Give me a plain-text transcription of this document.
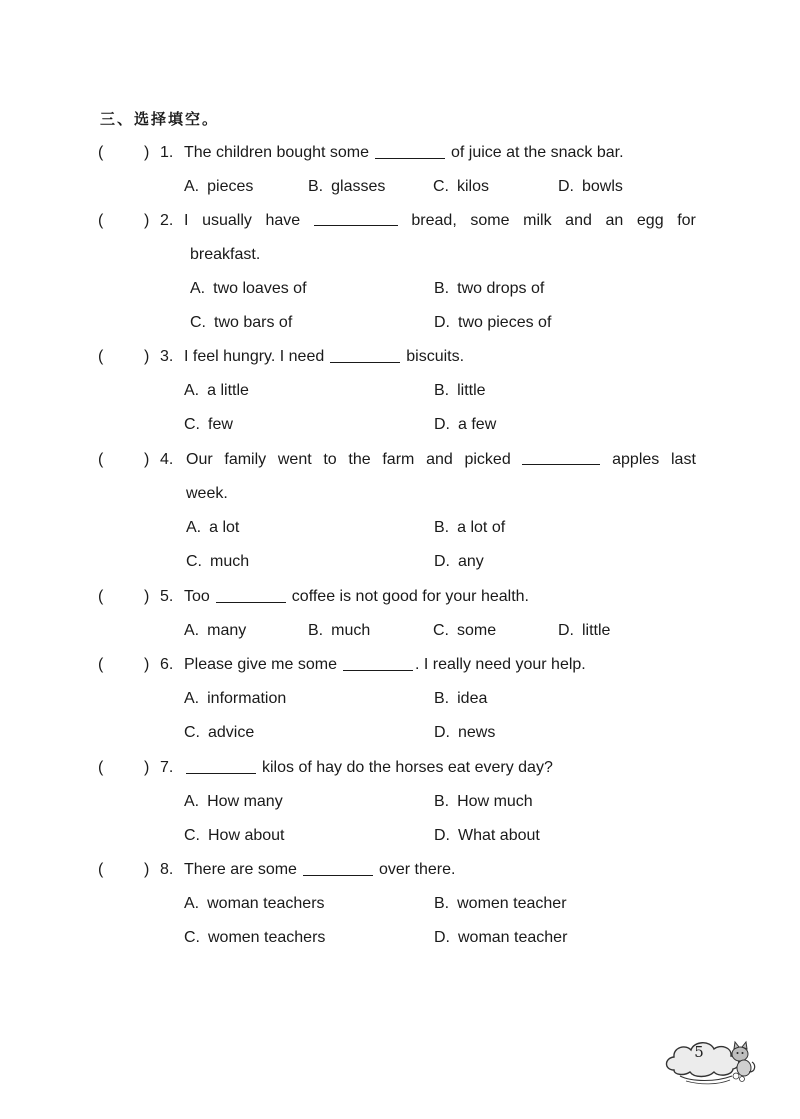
三、选择填空。
(	) 1. The children bought some	of juice at the snack bar.
A. pieces	B. glasses	C. kilos	D. bowls
(	) 2. I usually have	bread, some milk and an egg for
breakfast.
A. two loaves of	B. two drops of
C. two bars of	D. two pieces of
(	) 3. I feel hungry. I need	biscuits.
A. a little	B. little
C. few	D. a few
(	) 4. Our family went to the farm and picked	apples last
week.
A. a lot	B. a lot of
C. much	D. any
(	) 5. Too	coffee is not good for your health.
A. many	B. much	C. some	D. little
(	) 6. Please give me some	. I really need your help.
A. information	B. idea
C. advice	D. news
(	) 7.	kilos of hay do the horses eat every day?
A. How many	B. How much
C. How about	D. What about
(	) 8. There are some	over there.
A. woman teachers	B. women teacher
C. women teachers	D. woman teacher
5
